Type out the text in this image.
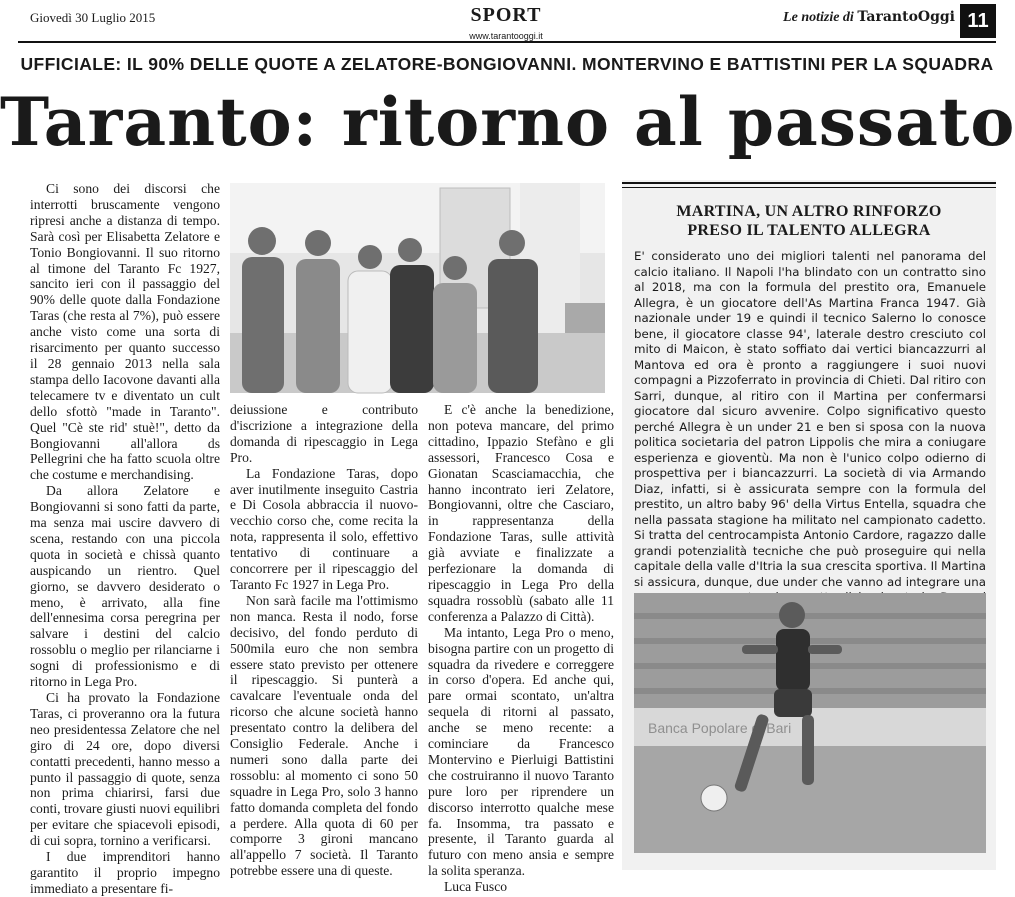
Giovedì 30 Luglio 2015	SPORT
www.tarantooggi.it
Le notizie di TarantoOggi 11
UFFICIALE: IL 90% DELLE QUOTE A ZELATORE-BONGIOVANNI. MONTERVINO E BATTISTINI PER LA SQUADRA
Taranto: ritorno al passato

Ci sono dei discorsi che interrotti bruscamente vengono ripresi anche a distanza di tempo. Sarà così per Elisabetta Zelatore e Tonio Bongiovanni. Il suo ritorno al timone del Taranto Fc 1927, sancito ieri con il passaggio del 90% delle quote dalla Fondazione Taras (che resta al 7%), può essere anche visto come una sorta di risarcimento per quanto successo il 28 gennaio 2013 nella sala stampa dello Iacovone davanti alla telecamere tv e diventato un cult dello sfottò "made in Taranto". Quel "Cè ste rid' stuè!", detto da Bongiovanni all'allora ds Pellegrini che ha fatto scuola oltre che costume e merchandising.

Da allora Zelatore e Bongiovanni si sono fatti da parte, ma senza mai uscire davvero di scena, restando con una piccola quota in società e chissà quanto auspicando un rientro. Quel giorno, se davvero desiderato o meno, è arrivato, alla fine dell'ennesima corsa peregrina per salvare i destini del calcio rossoblu o meglio per rilanciarne i sogni di professionismo e di ritorno in Lega Pro.

Ci ha provato la Fondazione Taras, ci proveranno ora la futura neo presidentessa Zelatore che nel giro di 24 ore, dopo diversi contatti precedenti, hanno messo a punto il passaggio di quote, senza non prima chiarirsi, farsi due conti, trovare giusti nuovi equilibri per evitare che spiacevoli episodi, di cui sopra, tornino a verificarsi.

I due imprenditori hanno garantito il proprio impegno immediato a presentare fi-

deiussione e contributo d'iscrizione a integrazione della domanda di ripescaggio in Lega Pro.

La Fondazione Taras, dopo aver inutilmente inseguito Castria e Di Cosola abbraccia il nuovo-vecchio corso che, come recita la nota, rappresenta il solo, effettivo tentativo di continuare a concorrere per il ripescaggio del Taranto Fc 1927 in Lega Pro.

Non sarà facile ma l'ottimismo non manca. Resta il nodo, forse decisivo, del fondo perduto di 500mila euro che non sembra essere stato previsto per ottenere il ripescaggio. Si punterà a cavalcare l'eventuale onda del ricorso che alcune società hanno presentato contro la delibera del Consiglio Federale. Anche i numeri sono dalla parte dei rossoblu: al momento ci sono 50 squadre in Lega Pro, solo 3 hanno fatto domanda completa del fondo a perdere. Alla quota di 60 per comporre 3 gironi mancano all'appello 7 società. Il Taranto potrebbe essere una di queste.

E c'è anche la benedizione, non poteva mancare, del primo cittadino, Ippazio Stefàno e gli assessori, Francesco Cosa e Gionatan Scasciamacchia, che hanno incontrato ieri Zelatore, Bongiovanni, oltre che Casciaro, in rappresentanza della Fondazione Taras, sulle attività già avviate e finalizzate a perfezionare la domanda di ripescaggio in Lega Pro della squadra rossoblù (sabato alle 11 conferenza a Palazzo di Città).

Ma intanto, Lega Pro o meno, bisogna partire con un progetto di squadra da rivedere e correggere in corso d'opera. Ed anche qui, pare ormai scontato, un'altra sequela di ritorni al passato, anche se meno recente: a cominciare da Francesco Montervino e Pierluigi Battistini che costruiranno il nuovo Taranto pure loro per riprendere un discorso interrotto qualche mese fa. Insomma, tra passato e presente, il Taranto guarda al futuro con meno ansia e sempre la solita speranza.

Luca Fusco

MARTINA, UN ALTRO RINFORZO
PRESO IL TALENTO ALLEGRA

E' considerato uno dei migliori talenti nel panorama del calcio italiano. Il Napoli l'ha blindato con un contratto sino al 2018, ma con la formula del prestito ora, Emanuele Allegra, è un giocatore dell'As Martina Franca 1947. Già nazionale under 19 e quindi il tecnico Salerno lo conosce bene, il giocatore classe 94', laterale destro cresciuto col mito di Maicon, è stato soffiato dai vertici biancazzurri al Mantova ed ora è pronto a raggiungere i suoi nuovi compagni a Pizzoferrato in provincia di Chieti. Dal ritiro con Sarri, dunque, al ritiro con il Martina per confermarsi giocatore dal sicuro avvenire. Colpo significativo questo perché Allegra è un under 21 e ben si sposa con la nuova politica societaria del patron Lippolis che mira a coniugare esperienza e gioventù. Ma non è l'unico colpo odierno di prospettiva per i biancazzurri. La società di via Armando Diaz, infatti, si è assicurata sempre con la formula del prestito, un altro baby 96' della Virtus Entella, squadra che nella passata stagione ha militato nel campionato cadetto. Si tratta del centrocampista Antonio Cardore, ragazzo dalle grandi potenzialità tecniche che può proseguire qui nella capitale della valle d'Itria la sua crescita sportiva. Il Martina si assicura, dunque, due under che vanno ad integrare una

Banca Popolare di Bari
